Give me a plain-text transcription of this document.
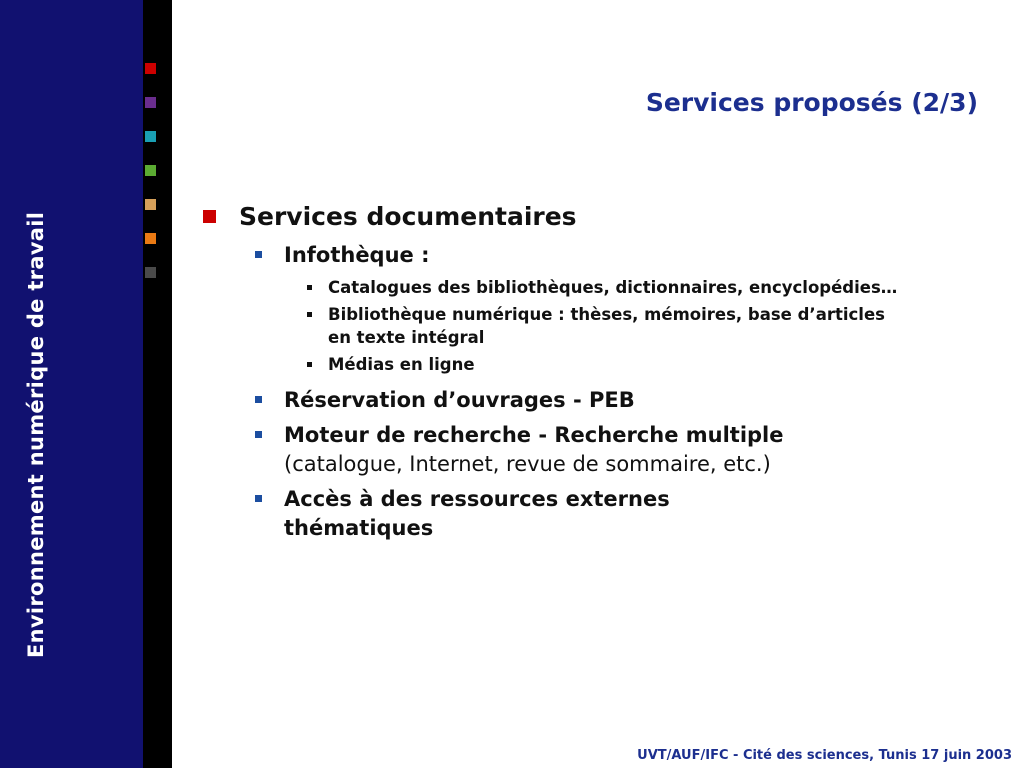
Environnement numérique de travail
Services proposés (2/3)
Services documentaires
Infothèque :
Catalogues des bibliothèques, dictionnaires, encyclopédies…
Bibliothèque numérique : thèses, mémoires, base d’articles en texte intégral
Médias en ligne
Réservation d’ouvrages - PEB
Moteur de recherche - Recherche multiple
(catalogue, Internet, revue de sommaire, etc.)
Accès à des ressources externes thématiques
UVT/AUF/IFC - Cité des sciences, Tunis 17 juin 2003
